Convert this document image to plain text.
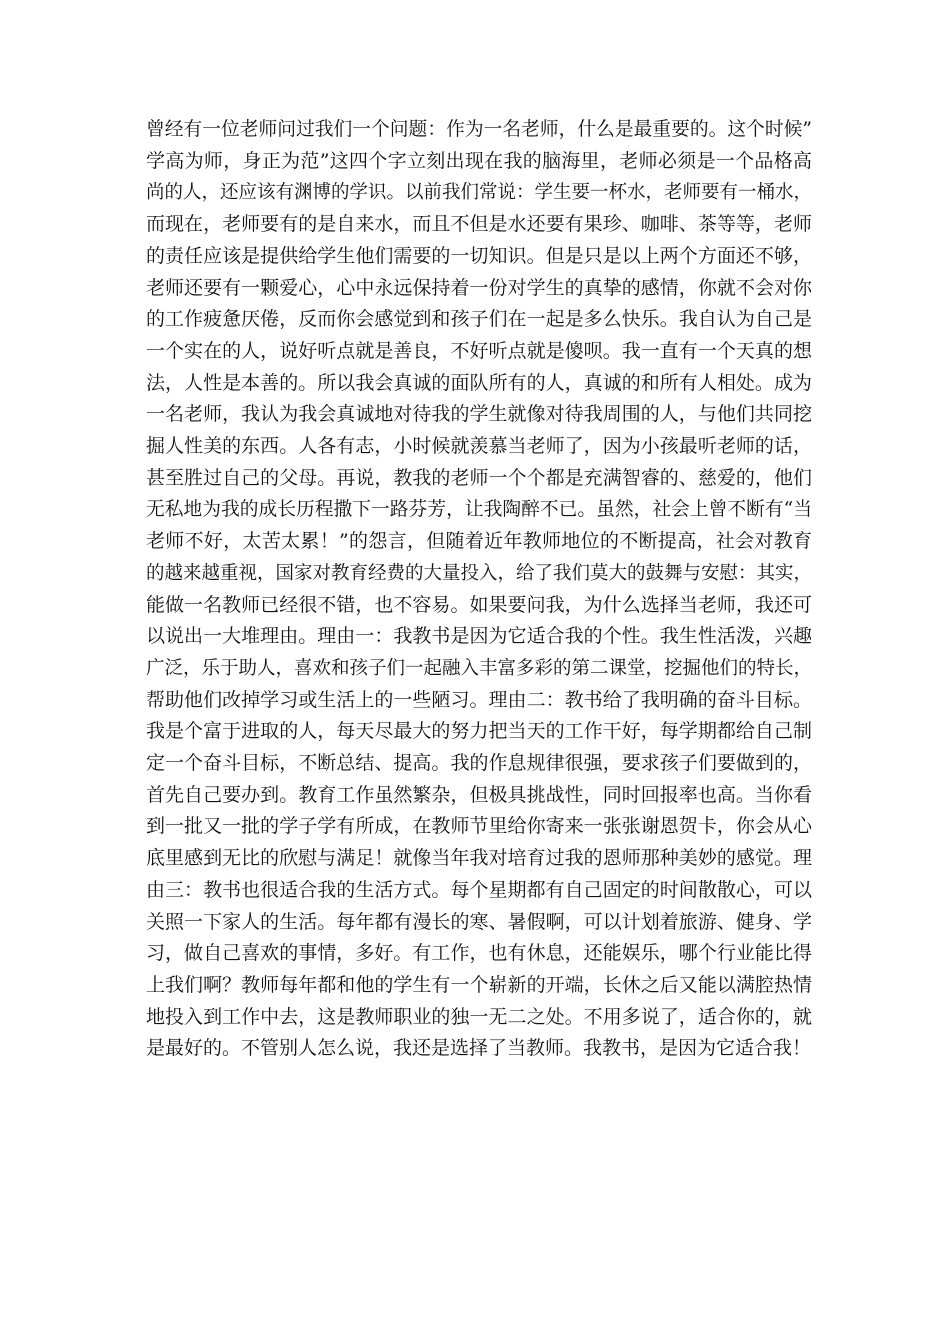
曾经有一位老师问过我们一个问题：作为一名老师，什么是最重要的。这个时候”
学高为师，身正为范”这四个字立刻出现在我的脑海里，老师必须是一个品格高
尚的人，还应该有渊博的学识。以前我们常说：学生要一杯水，老师要有一桶水，
而现在，老师要有的是自来水，而且不但是水还要有果珍、咖啡、茶等等，老师
的责任应该是提供给学生他们需要的一切知识。但是只是以上两个方面还不够，
老师还要有一颗爱心，心中永远保持着一份对学生的真挚的感情，你就不会对你
的工作疲惫厌倦，反而你会感觉到和孩子们在一起是多么快乐。我自认为自己是
一个实在的人，说好听点就是善良，不好听点就是傻呗。我一直有一个天真的想
法，人性是本善的。所以我会真诚的面队所有的人，真诚的和所有人相处。成为
一名老师，我认为我会真诚地对待我的学生就像对待我周围的人，与他们共同挖
掘人性美的东西。人各有志，小时候就羡慕当老师了，因为小孩最听老师的话，
甚至胜过自己的父母。再说，教我的老师一个个都是充满智睿的、慈爱的，他们
无私地为我的成长历程撒下一路芬芳，让我陶醉不已。虽然，社会上曾不断有“当
老师不好，太苦太累！”的怨言，但随着近年教师地位的不断提高，社会对教育
的越来越重视，国家对教育经费的大量投入，给了我们莫大的鼓舞与安慰：其实，
能做一名教师已经很不错，也不容易。如果要问我，为什么选择当老师，我还可
以说出一大堆理由。理由一：我教书是因为它适合我的个性。我生性活泼，兴趣
广泛，乐于助人，喜欢和孩子们一起融入丰富多彩的第二课堂，挖掘他们的特长，
帮助他们改掉学习或生活上的一些陋习。理由二：教书给了我明确的奋斗目标。
我是个富于进取的人，每天尽最大的努力把当天的工作干好，每学期都给自己制
定一个奋斗目标，不断总结、提高。我的作息规律很强，要求孩子们要做到的，
首先自己要办到。教育工作虽然繁杂，但极具挑战性，同时回报率也高。当你看
到一批又一批的学子学有所成，在教师节里给你寄来一张张谢恩贺卡，你会从心
底里感到无比的欣慰与满足！就像当年我对培育过我的恩师那种美妙的感觉。理
由三：教书也很适合我的生活方式。每个星期都有自己固定的时间散散心，可以
关照一下家人的生活。每年都有漫长的寒、暑假啊，可以计划着旅游、健身、学
习，做自己喜欢的事情，多好。有工作，也有休息，还能娱乐，哪个行业能比得
上我们啊？教师每年都和他的学生有一个崭新的开端，长休之后又能以满腔热情
地投入到工作中去，这是教师职业的独一无二之处。不用多说了，适合你的，就
是最好的。不管别人怎么说，我还是选择了当教师。我教书，是因为它适合我！
